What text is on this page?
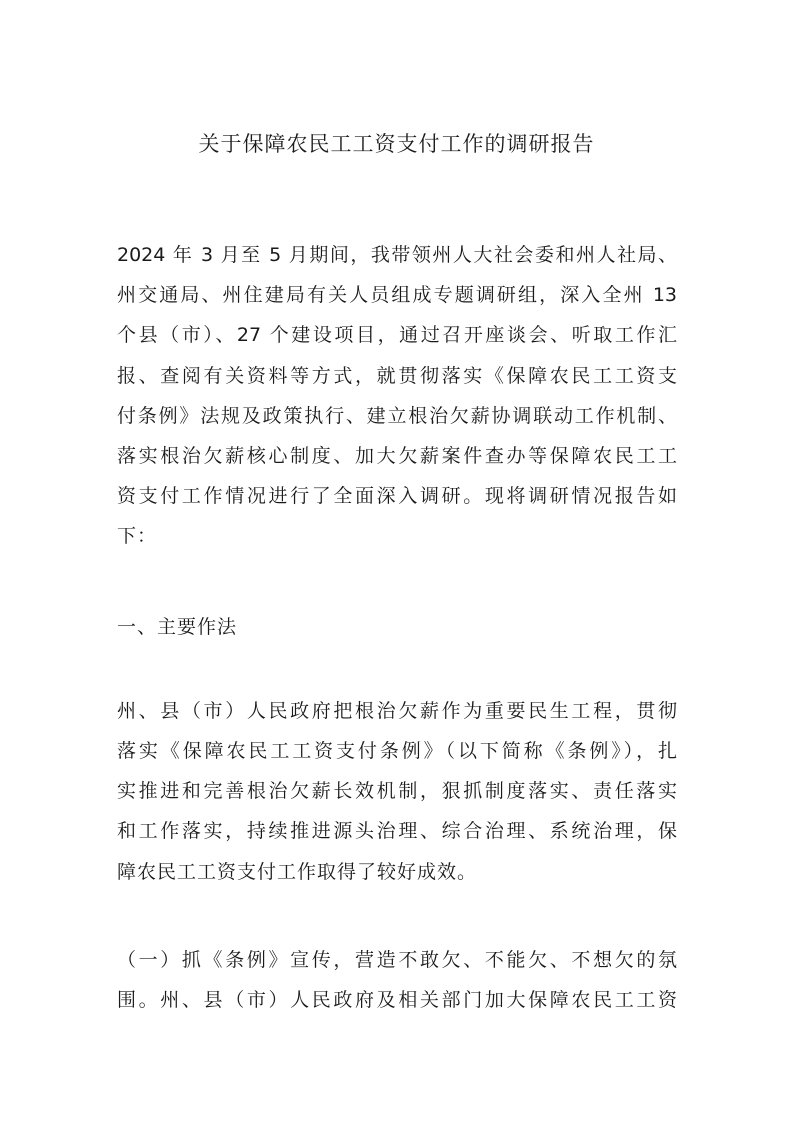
关于保障农民工工资支付工作的调研报告
2024 年 3 月至 5 月期间，我带领州人大社会委和州人社局、
州交通局、州住建局有关人员组成专题调研组，深入全州 13
个县（市）、27 个建设项目，通过召开座谈会、听取工作汇
报、查阅有关资料等方式，就贯彻落实《保障农民工工资支
付条例》法规及政策执行、建立根治欠薪协调联动工作机制、
落实根治欠薪核心制度、加大欠薪案件查办等保障农民工工
资支付工作情况进行了全面深入调研。现将调研情况报告如
下：
一、主要作法
州、县（市）人民政府把根治欠薪作为重要民生工程，贯彻
落实《保障农民工工资支付条例》（以下简称《条例》），扎
实推进和完善根治欠薪长效机制，狠抓制度落实、责任落实
和工作落实，持续推进源头治理、综合治理、系统治理，保
障农民工工资支付工作取得了较好成效。
（一）抓《条例》宣传，营造不敢欠、不能欠、不想欠的氛
围。州、县（市）人民政府及相关部门加大保障农民工工资
